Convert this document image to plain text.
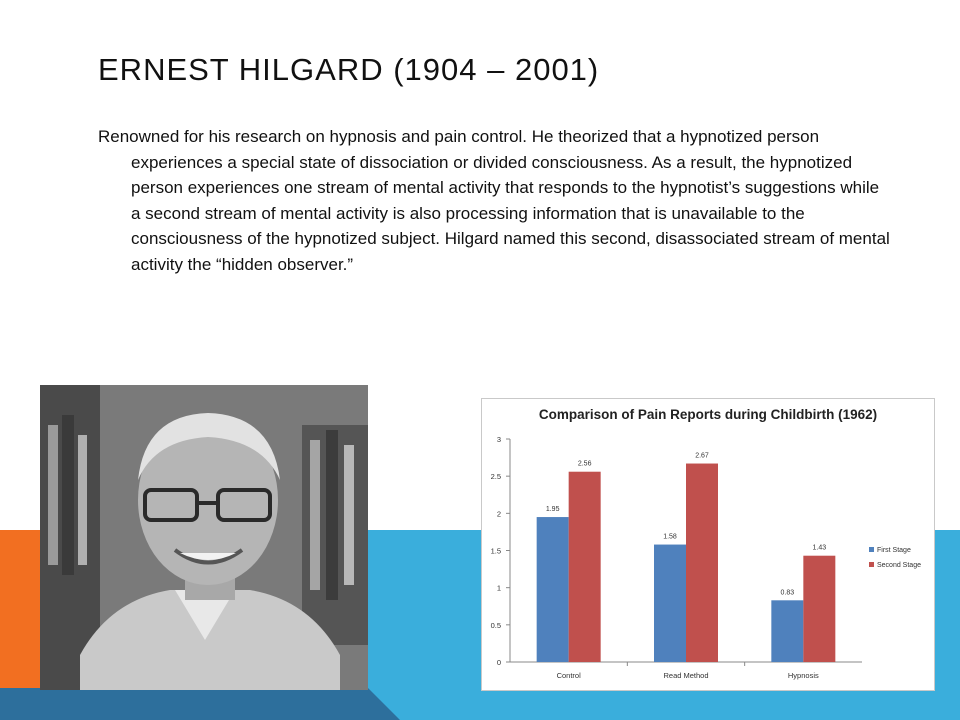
ERNEST HILGARD (1904 – 2001)

Renowned for his research on hypnosis and pain control. He theorized that a hypnotized person experiences a special state of dissociation or divided consciousness. As a result, the hypnotized person experiences one stream of mental activity that responds to the hypnotist’s suggestions while a second stream of mental activity is also processing information that is unavailable to the consciousness of the hypnotized subject. Hilgard named this second, disassociated stream of mental activity the “hidden observer.”

Comparison of Pain Reports during Childbirth (1962)

0
0.5
1
1.5
2
2.5
3
1.95
2.56
Control
1.58
2.67
Read Method
0.83
1.43
Hypnosis
First Stage
Second Stage
